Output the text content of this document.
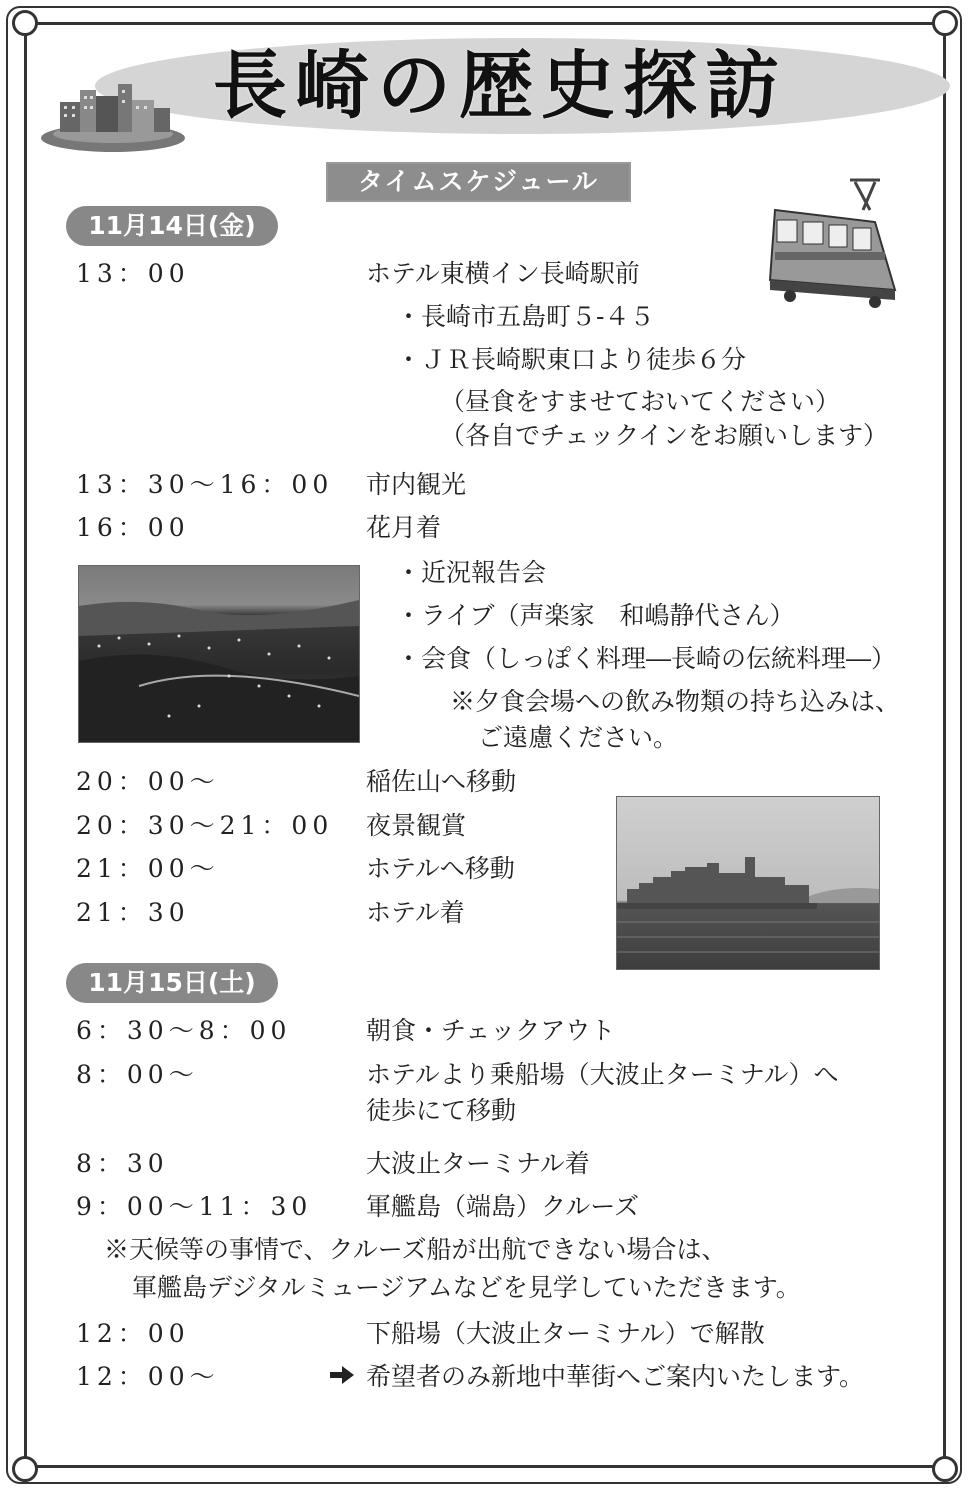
長崎の歴史探訪
タイムスケジュール
11月14日(金)
13：00	ホテル東横イン長崎駅前
・長崎市五島町５‐４５
・ＪＲ長崎駅東口より徒歩６分
（昼食をすませておいてください）
（各自でチェックインをお願いします）
13：30～16：00 市内観光
16：00	花月着
・近況報告会
・ライブ（声楽家　和嶋静代さん）
・会食（しっぽく料理―長崎の伝統料理―）
※夕食会場への飲み物類の持ち込みは、
ご遠慮ください。
20：00～	稲佐山へ移動
20：30～21：00 夜景観賞
21：00～	ホテルへ移動
21：30	ホテル着
11月15日(土)
6：30～8：00	朝食・チェックアウト
8：00～	ホテルより乗船場（大波止ターミナル）へ
徒歩にて移動
8：30	大波止ターミナル着
9：00～11：30 軍艦島（端島）クルーズ
※天候等の事情で、クルーズ船が出航できない場合は、
軍艦島デジタルミュージアムなどを見学していただきます。
12：00	下船場（大波止ターミナル）で解散
12：00～	希望者のみ新地中華街へご案内いたします。
